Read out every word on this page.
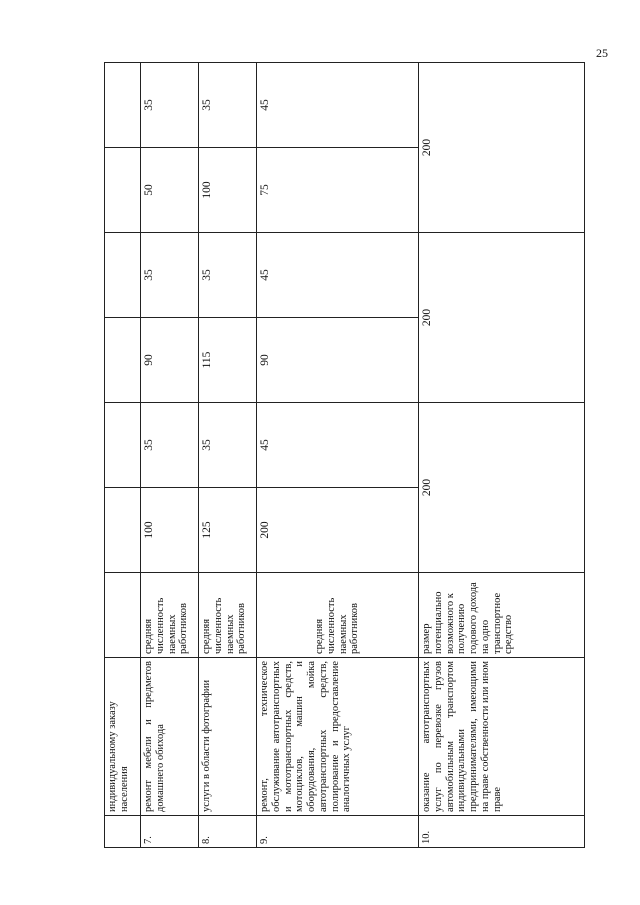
25
	индивидуальному заказу населения							
7.	ремонт мебели и предметов домашнего обихода	средняя численность наемных работников	100	35	90	35	50	35
8.	услуги в области фотографии	средняя численность наемных работников	125	35	115	35	100	35
9.	ремонт, техническое обслуживание автотранспортных и мототранспортных средств, мотоциклов, машин и оборудования, мойка автотранспортных средств, полирование и предоставление аналогичных услуг	средняя численность наемных работников	200	45	90	45	75	45
10.	оказание автотранспортных услуг по перевозке грузов автомобильным транспортом индивидуальными предпринимателями, имеющими на праве собственности или ином праве	размер потенциально возможного к получению годового дохода на одно транспортное средство	200		200		200	
